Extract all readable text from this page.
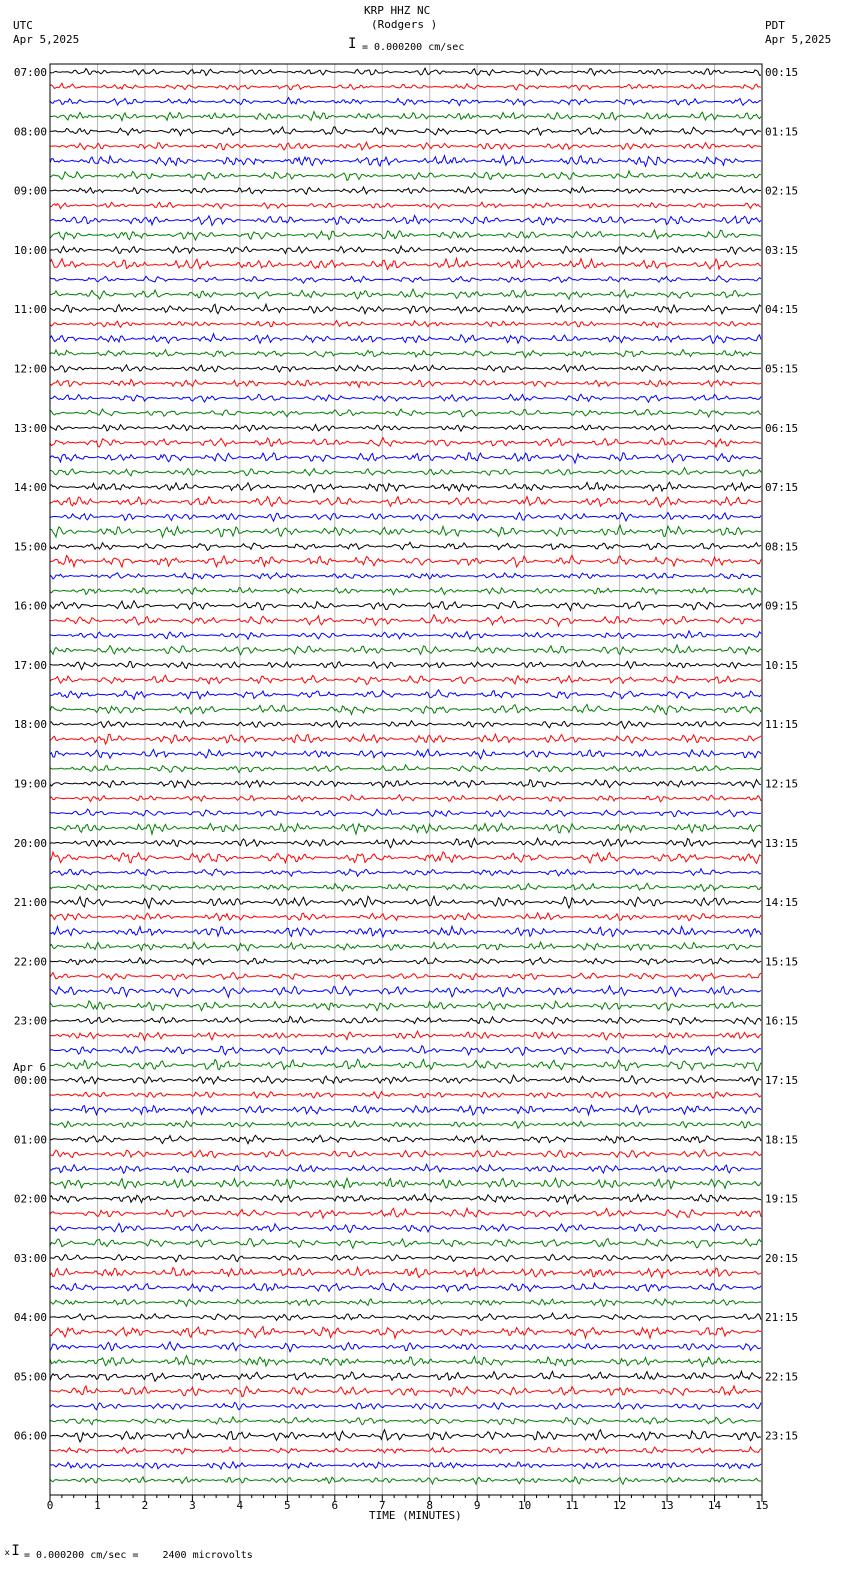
KRP HHZ NC
(Rodgers )
UTC
Apr 5,2025
PDT
Apr 5,2025
I = 0.000200 cm/sec
07:00
08:00
09:00
10:00
11:00
12:00
13:00
14:00
15:00
16:00
17:00
18:00
19:00
20:00
21:00
22:00
23:00
00:00
01:00
02:00
03:00
04:00
05:00
06:00
00:15
01:15
02:15
03:15
04:15
05:15
06:15
07:15
08:15
09:15
10:15
11:15
12:15
13:15
14:15
15:15
16:15
17:15
18:15
19:15
20:15
21:15
22:15
23:15
Apr 6
0	1	2	3	4	5	6	7	8	9	10	11	12	13	14	15
TIME (MINUTES)
ₓI = 0.000200 cm/sec =    2400 microvolts
